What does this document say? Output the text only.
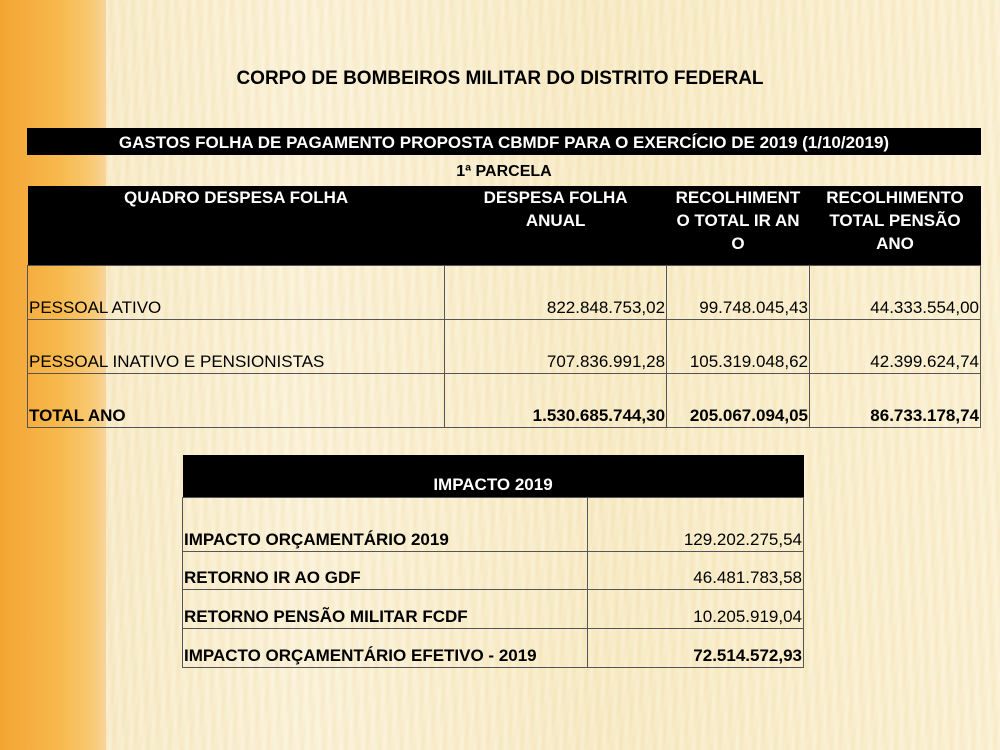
CORPO DE BOMBEIROS MILITAR DO DISTRITO FEDERAL
GASTOS FOLHA DE PAGAMENTO PROPOSTA CBMDF PARA O EXERCÍCIO DE 2019 (1/10/2019)
1ª PARCELA
QUADRO DESPESA FOLHA	DESPESA FOLHA ANUAL	RECOLHIMENTO TOTAL IR ANO	RECOLHIMENTO TOTAL PENSÃO ANO

PESSOAL ATIVO	822.848.753,02	99.748.045,43	44.333.554,00
PESSOAL INATIVO E PENSIONISTAS	707.836.991,28	105.319.048,62	42.399.624,74
TOTAL ANO	1.530.685.744,30	205.067.094,05	86.733.178,74
IMPACTO 2019	
IMPACTO ORÇAMENTÁRIO 2019	129.202.275,54
RETORNO IR AO GDF	46.481.783,58
RETORNO PENSÃO MILITAR FCDF	10.205.919,04
IMPACTO ORÇAMENTÁRIO EFETIVO - 2019	72.514.572,93
